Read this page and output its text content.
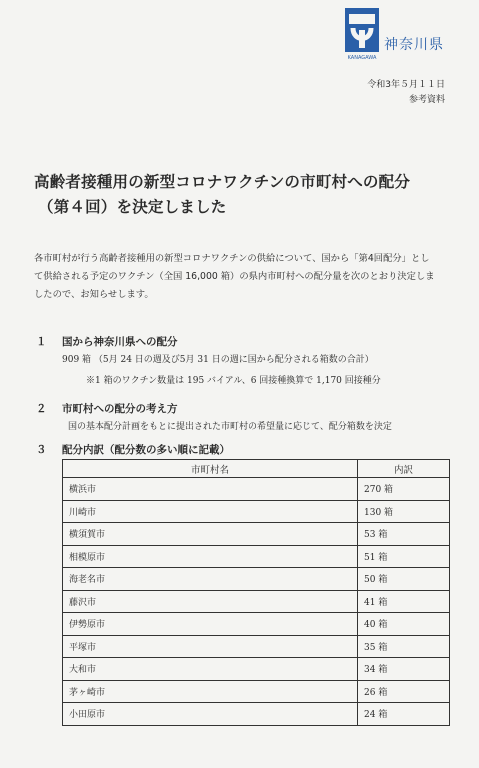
KANAGAWA
神奈川県
令和3年５月１１日
参考資料
高齢者接種用の新型コロナワクチンの市町村への配分
（第４回）を決定しました
各市町村が行う高齢者接種用の新型コロナワクチンの供給について、国から「第4回配分」とし
て供給される予定のワクチン（全国 16,000 箱）の県内市町村への配分量を次のとおり決定しま
したので、お知らせします。
１ 国から神奈川県への配分
909 箱 （5月 24 日の週及び5月 31 日の週に国から配分される箱数の合計）
※1 箱のワクチン数量は 195 バイアル、6 回接種換算で 1,170 回接種分
２ 市町村への配分の考え方
国の基本配分計画をもとに提出された市町村の希望量に応じて、配分箱数を決定
３ 配分内訳（配分数の多い順に記載）
市町村名	内訳
横浜市	270 箱
川崎市	130 箱
横須賀市	53 箱
相模原市	51 箱
海老名市	50 箱
藤沢市	41 箱
伊勢原市	40 箱
平塚市	35 箱
大和市	34 箱
茅ヶ崎市	26 箱
小田原市	24 箱
